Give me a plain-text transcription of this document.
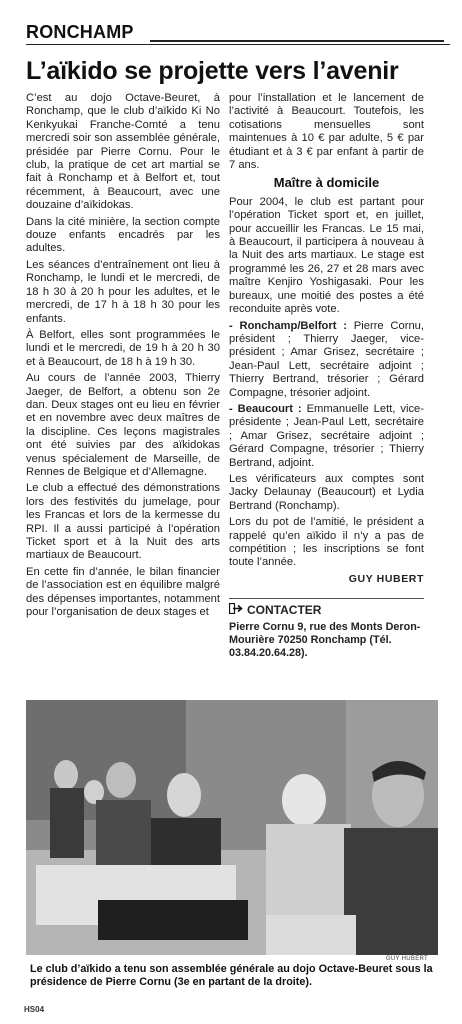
RONCHAMP
L’aïkido se projette vers l’avenir

C’est au dojo Octave-Beuret, à Ronchamp, que le club d’aïkido Ki No Kenkyukai Franche-Comté a tenu mercredi soir son assemblée générale, présidée par Pierre Cornu. Pour le club, la pratique de cet art martial se fait à Ronchamp et à Belfort et, tout récemment, à Beaucourt, avec une douzaine d’aïkidokas.

Dans la cité minière, la section compte douze enfants encadrés par les adultes.

Les séances d’entraînement ont lieu à Ronchamp, le lundi et le mercredi, de 18 h 30 à 20 h pour les adultes, et le mercredi, de 17 h à 18 h 30 pour les enfants.

À Belfort, elles sont programmées le lundi et le mercredi, de 19 h à 20 h 30 et à Beaucourt, de 18 h à 19 h 30.

Au cours de l’année 2003, Thierry Jaeger, de Belfort, a obtenu son 2e dan. Deux stages ont eu lieu en février et en novembre avec deux maîtres de la discipline. Ces leçons magistrales ont été suivies par des aïkidokas venus spécialement de Marseille, de Rennes de Belgique et d’Allemagne.

Le club a effectué des démonstrations lors des festivités du jumelage, pour les Francas et lors de la kermesse du RPI. Il a aussi participé à l’opération Ticket sport et à la Nuit des arts martiaux de Beaucourt.

En cette fin d’année, le bilan financier de l’association est en équilibre malgré des dépenses importantes, notamment pour l’organisation de deux stages et

pour l’installation et le lancement de l’activité à Beaucourt. Toutefois, les cotisations mensuelles sont maintenues à 10 € par adulte, 5 € par étudiant et à 3 € par enfant à partir de 7 ans.

Maître à domicile

Pour 2004, le club est partant pour l’opération Ticket sport et, en juillet, pour accueillir les Francas. Le 15 mai, à Beaucourt, il participera à nouveau à la Nuit des arts martiaux. Le stage est programmé les 26, 27 et 28 mars avec maître Kenjiro Yoshigasaki. Pour les bureaux, une moitié des postes a été reconduite après vote.

- Ronchamp/Belfort : Pierre Cornu, président ; Thierry Jaeger, vice-président ; Amar Grisez, secrétaire ; Jean-Paul Lett, secrétaire adjoint ; Thierry Bertrand, trésorier ; Gérard Compagne, trésorier adjoint.

- Beaucourt : Emmanuelle Lett, vice-présidente ; Jean-Paul Lett, secrétaire ; Amar Grisez, secrétaire adjoint ; Gérard Compagne, trésorier ; Thierry Bertrand, adjoint.

Les vérificateurs aux comptes sont Jacky Delaunay (Beaucourt) et Lydia Bertrand (Ronchamp).

Lors du pot de l’amitié, le président a rappelé qu’en aïkido il n’y a pas de compétition ; les inscriptions se font toute l’année.

GUY HUBERT
CONTACTER
Pierre Cornu 9, rue des Monts Deron-Mourière 70250 Ronchamp (Tél. 03.84.20.64.28).
GUY HUBERT
Le club d’aïkido a tenu son assemblée générale au dojo Octave-Beuret sous la présidence de Pierre Cornu (3e en partant de la droite).
HS04
